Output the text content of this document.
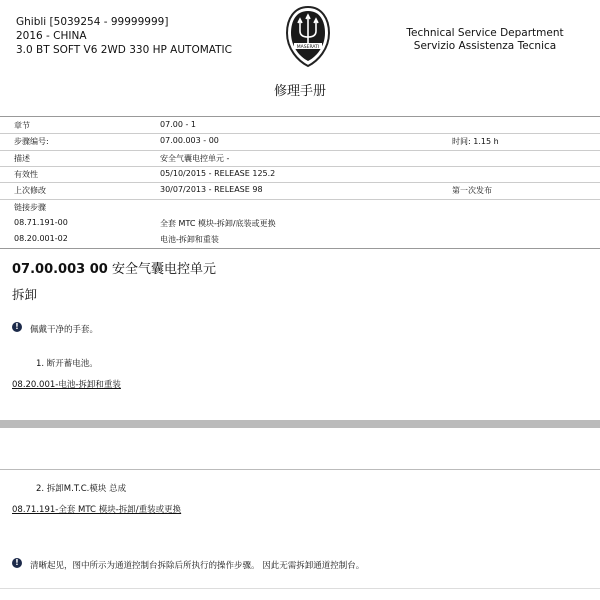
Ghibli [5039254 - 99999999]
2016 - CHINA
3.0 BT SOFT V6 2WD 330 HP AUTOMATIC	MASERATI
Technical Service Department
Servizio Assistenza Tecnica
修理手册
章节	07.00 - 1
步骤编号:	07.00.003 - 00	时间: 1.15 h
描述	安全气囊电控单元 -
有效性	05/10/2015 - RELEASE 125.2
上次修改	30/07/2013 - RELEASE 98	第一次发布
链接步骤
08.71.191-00	全套 MTC 模块-拆卸/底装或更换
08.20.001-02	电池-拆卸和重装
07.00.003 00 安全气囊电控单元
拆卸
!	佩戴干净的手套。
1. 断开蓄电池。
08.20.001-电池-拆卸和重装
2. 拆卸M.T.C.模块 总成
08.71.191-全套 MTC 模块-拆卸/重装或更换
!	清晰起见，图中所示为通道控制台拆除后所执行的操作步骤。 因此无需拆卸通道控制台。
